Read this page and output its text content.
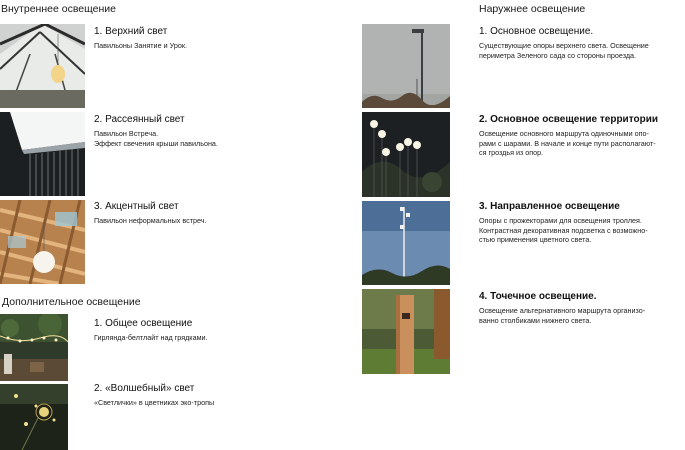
Внутреннее освещение	Наружнее освещение
Дополнительное освещение
1. Верхний свет
Павильоны Занятие и Урок.
2. Рассеянный свет
Павильон Встреча.
Эффект свечения крыши павильона.
3. Акцентный свет
Павильон неформальных встреч.
1. Общее освещение
Гирлянда-белтлайт над грядками.
2. «Волшебный» свет
«Светлички» в цветниках эко-тропы
1. Основное освещение.
Существующие опоры верхнего света. Освещение
периметра Зеленого сада со стороны проезда.
2. Основное освещение территории
Освещение основного маршрута одиночными опо-
рами с шарами. В начале и конце пути располагают-
ся гроздья из опор.
3. Направленное освещение
Опоры с прожекторами для освещения троллея.
Контрастная декоративная подсветка с возможно-
стью применения цветного света.
4. Точечное освещение.
Освещение альтернативного маршрута организо-
ванно столбиками нижнего света.
